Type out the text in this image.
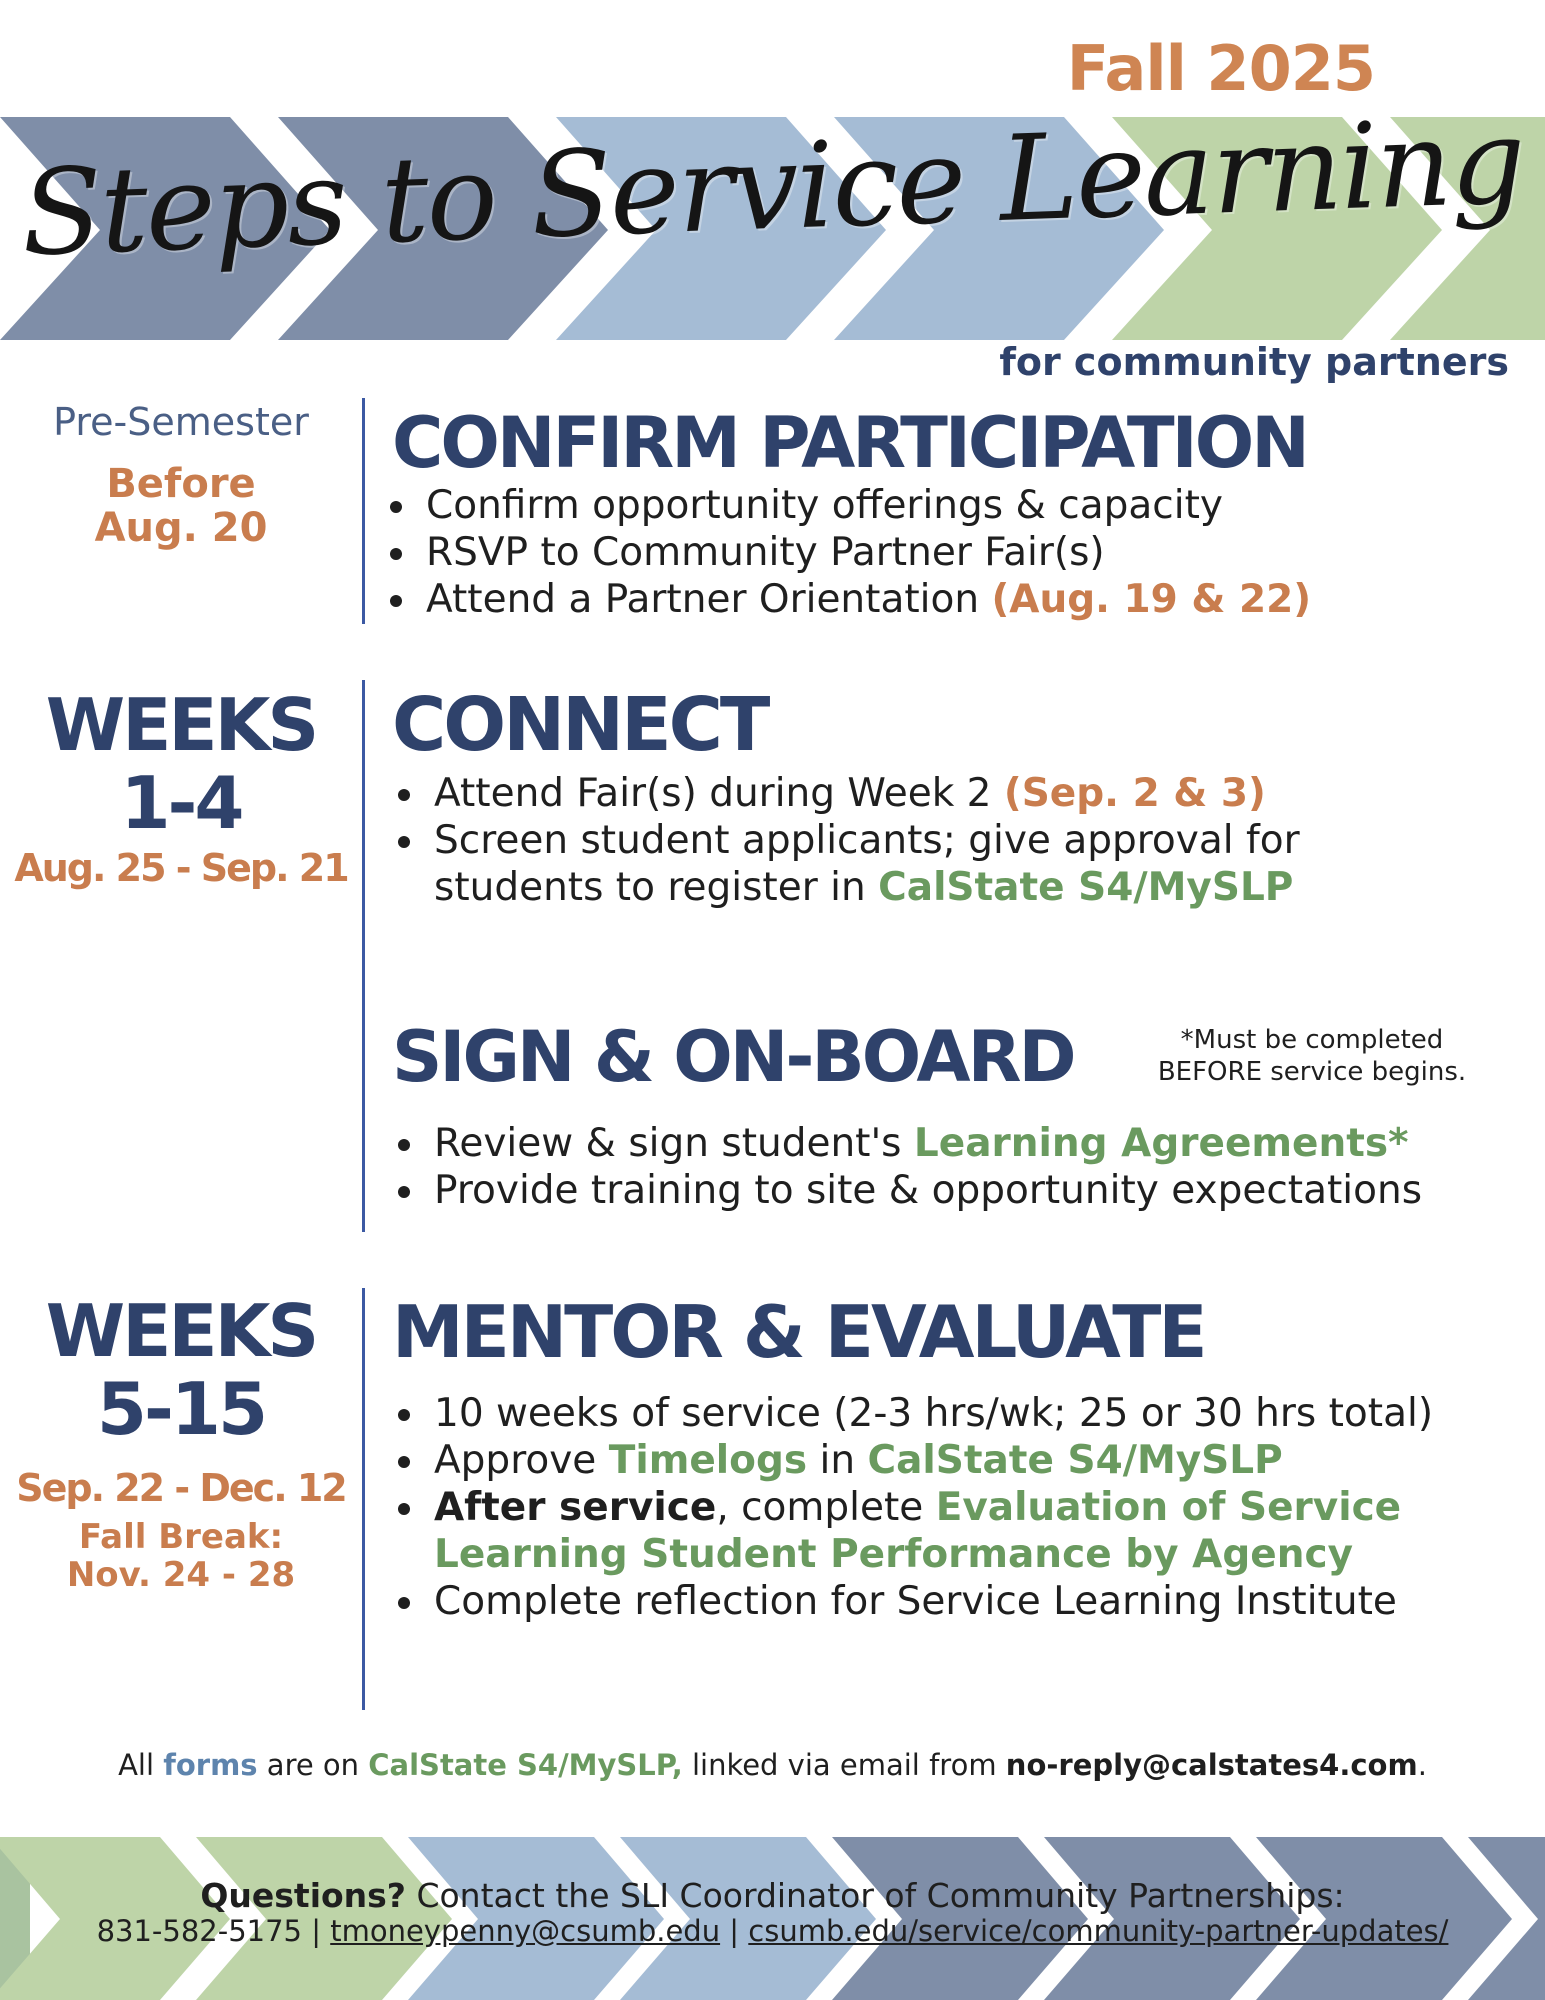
Fall 2025
Steps to Service Learning
for community partners
Pre-Semester
Before
Aug. 20
CONFIRM PARTICIPATION
• Confirm opportunity offerings & capacity
• RSVP to Community Partner Fair(s)
• Attend a Partner Orientation (Aug. 19 & 22)
WEEKS
1-4
Aug. 25 - Sep. 21
CONNECT
• Attend Fair(s) during Week 2 (Sep. 2 & 3)
• Screen student applicants; give approval for
students to register in CalState S4/MySLP
SIGN & ON-BOARD	*Must be completed
BEFORE service begins.
• Review & sign student's Learning Agreements*
• Provide training to site & opportunity expectations
WEEKS
5-15
Sep. 22 - Dec. 12
Fall Break:
Nov. 24 - 28
MENTOR & EVALUATE
• 10 weeks of service (2-3 hrs/wk; 25 or 30 hrs total)
• Approve Timelogs in CalState S4/MySLP
• After service, complete Evaluation of Service
Learning Student Performance by Agency
• Complete reflection for Service Learning Institute
All forms are on CalState S4/MySLP, linked via email from no-reply@calstates4.com.
Questions? Contact the SLI Coordinator of Community Partnerships:
831-582-5175 | tmoneypenny@csumb.edu | csumb.edu/service/community-partner-updates/
